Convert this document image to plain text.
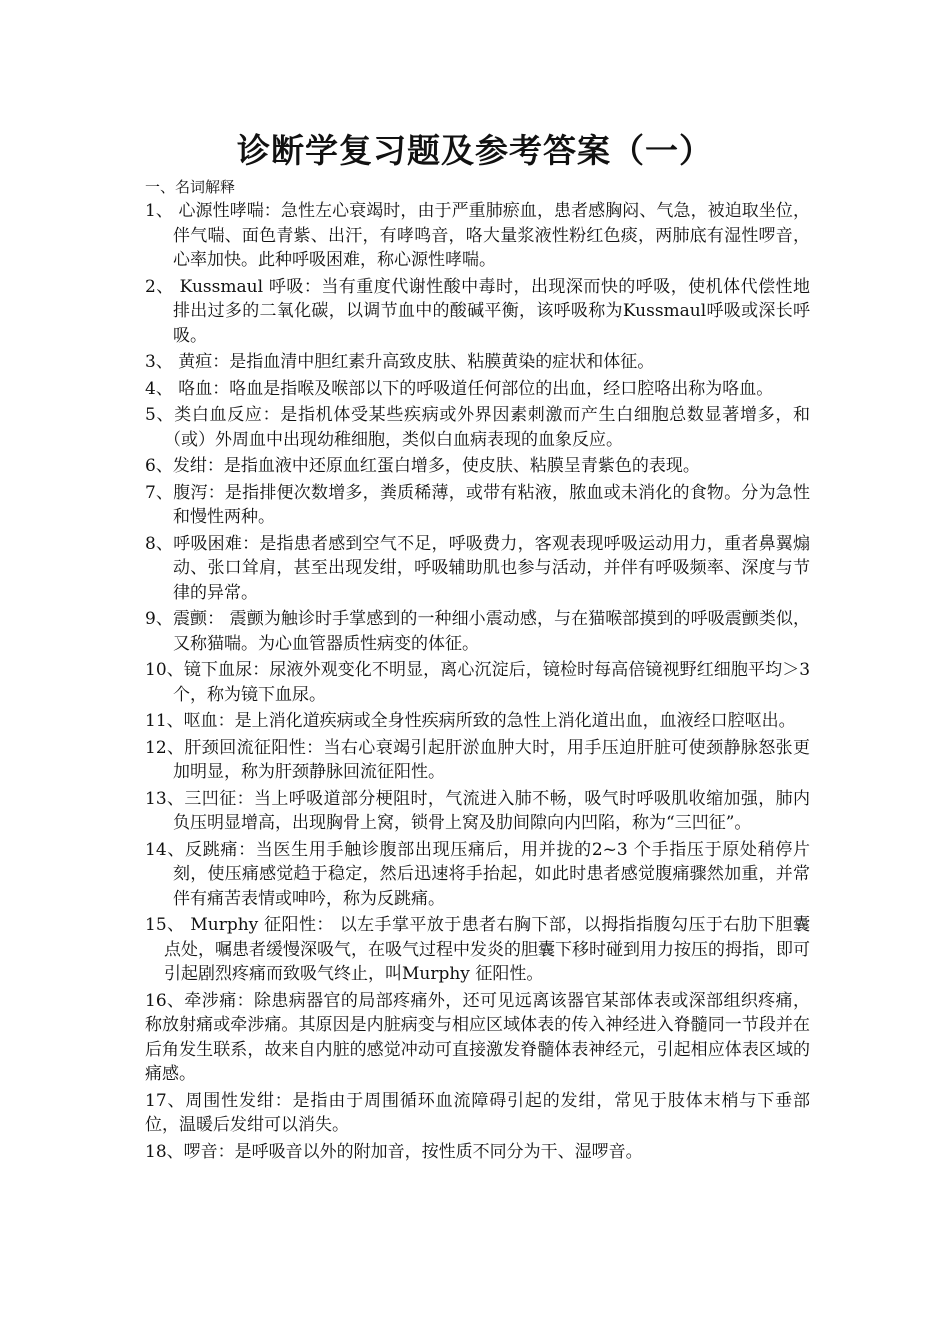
诊断学复习题及参考答案（一）

一、名词解释

1、 心源性哮喘：急性左心衰竭时，由于严重肺瘀血，患者感胸闷、气急，被迫取坐位，伴气喘、面色青紫、出汗，有哮鸣音，咯大量浆液性粉红色痰，两肺底有湿性啰音，心率加快。此种呼吸困难，称心源性哮喘。
2、 Kussmaul 呼吸：当有重度代谢性酸中毒时，出现深而快的呼吸，使机体代偿性地排出过多的二氧化碳，以调节血中的酸碱平衡，该呼吸称为Kussmaul呼吸或深长呼吸。
3、 黄疸：是指血清中胆红素升高致皮肤、粘膜黄染的症状和体征。
4、 咯血：咯血是指喉及喉部以下的呼吸道任何部位的出血，经口腔咯出称为咯血。
5、类白血反应：是指机体受某些疾病或外界因素刺激而产生白细胞总数显著增多，和（或）外周血中出现幼稚细胞，类似白血病表现的血象反应。
6、发绀：是指血液中还原血红蛋白增多，使皮肤、粘膜呈青紫色的表现。
7、腹泻：是指排便次数增多，粪质稀薄，或带有粘液，脓血或未消化的食物。分为急性和慢性两种。
8、呼吸困难：是指患者感到空气不足，呼吸费力，客观表现呼吸运动用力，重者鼻翼煽动、张口耸肩，甚至出现发绀，呼吸辅助肌也参与活动，并伴有呼吸频率、深度与节律的异常。
9、震颤： 震颤为触诊时手掌感到的一种细小震动感，与在猫喉部摸到的呼吸震颤类似，又称猫喘。为心血管器质性病变的体征。
10、镜下血尿：尿液外观变化不明显，离心沉淀后，镜检时每高倍镜视野红细胞平均＞3 个，称为镜下血尿。
11、呕血：是上消化道疾病或全身性疾病所致的急性上消化道出血，血液经口腔呕出。
12、肝颈回流征阳性：当右心衰竭引起肝淤血肿大时，用手压迫肝脏可使颈静脉怒张更加明显，称为肝颈静脉回流征阳性。
13、三凹征：当上呼吸道部分梗阻时，气流进入肺不畅，吸气时呼吸肌收缩加强，肺内负压明显增高，出现胸骨上窝，锁骨上窝及肋间隙向内凹陷，称为“三凹征”。
14、反跳痛：当医生用手触诊腹部出现压痛后，用并拢的2~3 个手指压于原处稍停片刻，使压痛感觉趋于稳定，然后迅速将手抬起，如此时患者感觉腹痛骤然加重，并常伴有痛苦表情或呻吟，称为反跳痛。
15、 Murphy 征阳性： 以左手掌平放于患者右胸下部，以拇指指腹勾压于右肋下胆囊点处，嘱患者缓慢深吸气，在吸气过程中发炎的胆囊下移时碰到用力按压的拇指，即可引起剧烈疼痛而致吸气终止，叫Murphy 征阳性。
16、牵涉痛：除患病器官的局部疼痛外，还可见远离该器官某部体表或深部组织疼痛，称放射痛或牵涉痛。其原因是内脏病变与相应区域体表的传入神经进入脊髓同一节段并在后角发生联系，故来自内脏的感觉冲动可直接激发脊髓体表神经元，引起相应体表区域的痛感。
17、周围性发绀：是指由于周围循环血流障碍引起的发绀，常见于肢体末梢与下垂部位，温暖后发绀可以消失。
18、啰音：是呼吸音以外的附加音，按性质不同分为干、湿啰音。
